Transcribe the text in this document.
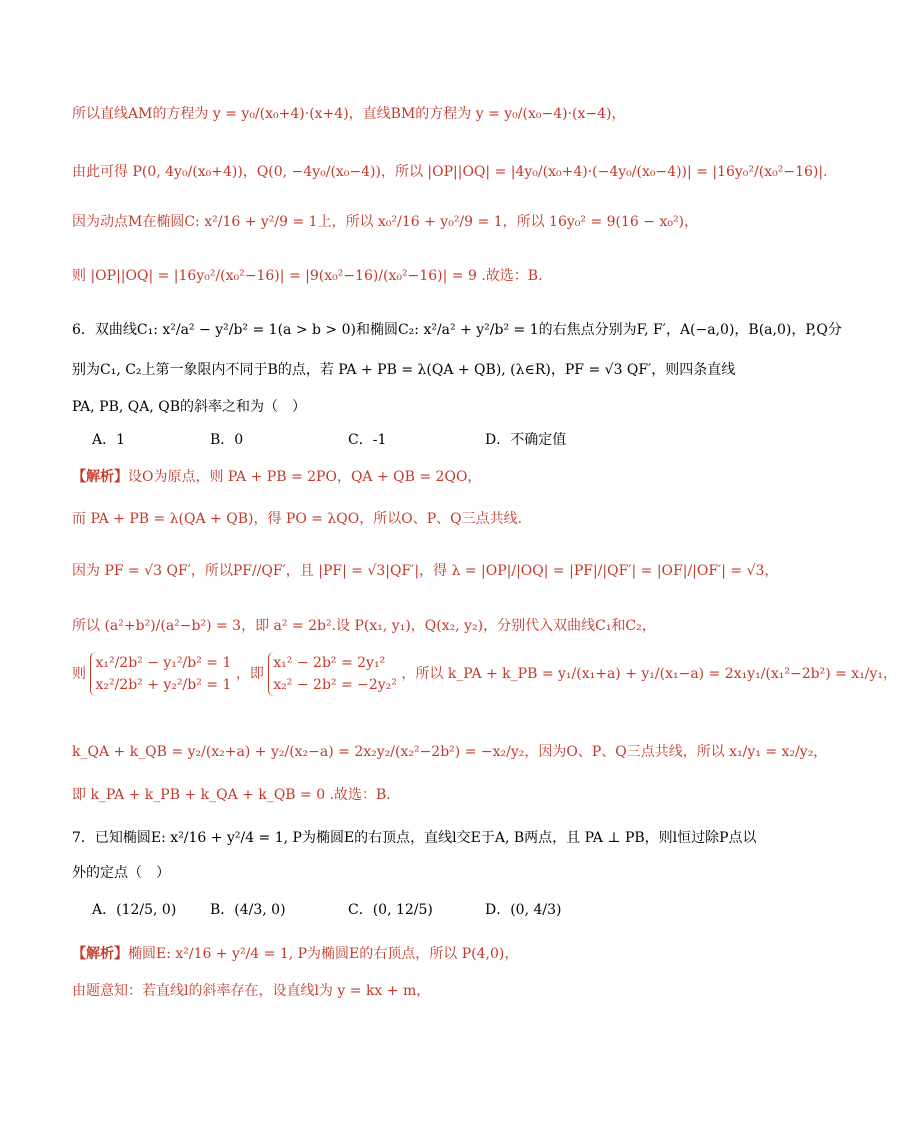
所以直线AM的方程为 y = y₀/(x₀+4)·(x+4)，直线BM的方程为 y = y₀/(x₀−4)·(x−4)，
由此可得 P(0, 4y₀/(x₀+4))，Q(0, −4y₀/(x₀−4))，所以 |OP||OQ| = |4y₀/(x₀+4)·(−4y₀/(x₀−4))| = |16y₀²/(x₀²−16)|.
因为动点M在椭圆C: x²/16 + y²/9 = 1上，所以 x₀²/16 + y₀²/9 = 1，所以 16y₀² = 9(16 − x₀²)，
则 |OP||OQ| = |16y₀²/(x₀²−16)| = |9(x₀²−16)/(x₀²−16)| = 9 .故选：B.
6．双曲线C₁: x²/a² − y²/b² = 1(a > b > 0)和椭圆C₂: x²/a² + y²/b² = 1的右焦点分别为F, F′，A(−a,0)，B(a,0)，P,Q分
别为C₁, C₂上第一象限内不同于B的点，若 PA + PB = λ(QA + QB), (λ∈R)，PF = √3 QF′，则四条直线
PA, PB, QA, QB的斜率之和为（　）
A．1	B．0	C．-1	D．不确定值
【解析】设O为原点，则 PA + PB = 2PO，QA + QB = 2QO，
而 PA + PB = λ(QA + QB)，得 PO = λQO，所以O、P、Q三点共线.
因为 PF = √3 QF′，所以PF//QF′，且 |PF| = √3|QF′|，得 λ = |OP|/|OQ| = |PF|/|QF′| = |OF|/|OF′| = √3，
所以 (a²+b²)/(a²−b²) = 3，即 a² = 2b².设 P(x₁, y₁)，Q(x₂, y₂)，分别代入双曲线C₁和C₂，
则
x₁²/2b² − y₁²/b² = 1
x₂²/2b² + y₂²/b² = 1
，即
x₁² − 2b² = 2y₁²
x₂² − 2b² = −2y₂²
，所以 k_PA + k_PB = y₁/(x₁+a) + y₁/(x₁−a) = 2x₁y₁/(x₁²−2b²) = x₁/y₁，
k_QA + k_QB = y₂/(x₂+a) + y₂/(x₂−a) = 2x₂y₂/(x₂²−2b²) = −x₂/y₂，因为O、P、Q三点共线，所以 x₁/y₁ = x₂/y₂，
即 k_PA + k_PB + k_QA + k_QB = 0 .故选：B.
7．已知椭圆E: x²/16 + y²/4 = 1, P为椭圆E的右顶点，直线l交E于A, B两点，且 PA ⊥ PB，则l恒过除P点以
外的定点（　）
A．(12/5, 0) B．(4/3, 0)	C．(0, 12/5)	D．(0, 4/3)
【解析】椭圆E: x²/16 + y²/4 = 1, P为椭圆E的右顶点，所以 P(4,0)，
由题意知：若直线l的斜率存在，设直线l为 y = kx + m，
